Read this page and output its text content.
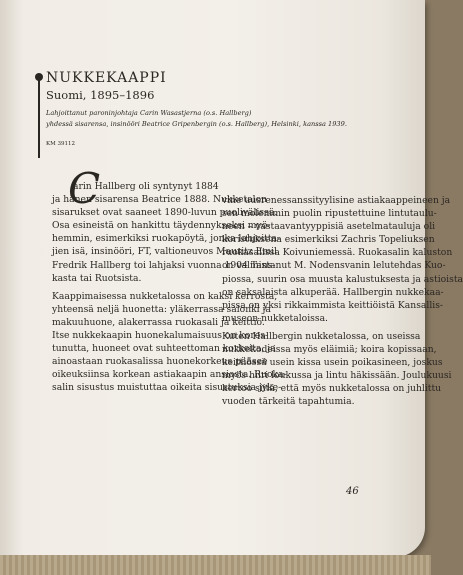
NUKKEKAAPPI
Suomi, 1895–1896
Lahjoittanut paroninjohtaja Carin Wasastjerna (o.s. Hallberg)
yhdessä sisarensa, insinööri Beatrice Gripenbergin (o.s. Hallberg), Helsinki, kanssa 1939.
KM 39112
C
arin Hallberg oli syntynyt 1884
ja hänen sisarensa Beatrice 1888. Nukketalon
sisarukset ovat saaneet 1890-luvun puolivälissä.
Osa esineistä on hankittu täydennykseksi myö-
hemmin, esimerkiksi ruokapöytä, jonka lahjoitta-
jien isä, insinööri, FT, valtioneuvos Mauritz Emil
Fredrik Hallberg toi lahjaksi vuonna 1904 Tans-
kasta tai Ruotsista.
Kaappimaisessa nukketalossa on kaksi kerrosta,
yhteensä neljä huonetta: yläkerrassa salonki ja
makuuhuone, alakerrassa ruokasali ja keittiö.
Itse nukkekaapin huonekalumaisuus on koros-
tunutta, huoneet ovat suhteettoman korkeita, ja
ainoastaan ruokasalissa huonekorkeus pääsee
oikeuksiinsa korkean astiakaapin ansiosta. Ruoka-
salin sisustus muistuttaa oikeita sisustuksia jyke-
vine uusrenessanssityylisine astiakaappeineen ja
sen molemmin puolin ripustettuine lintutaulu-
neen – vastaavantyyppisiä asetelmatauluja oli
koristuksena esimerkiksi Zachris Topeliuksen
ruokasalissa Koivuniemessä. Ruokasalin kaluston
on valmistanut M. Nodensvanin lelutehdas Kuo-
piossa, suurin osa muusta kalustuksesta ja astioista
on saksalaista alkuperää. Hallbergin nukkekaa-
pissa on yksi rikkaimmista keittiöistä Kansallis-
museon nukketaloissa.
Kuten Hallbergin nukketalossa, on useissa
nukkekodeissa myös eläimiä; koira kopissaan,
keittiössä usein kissa usein poikasineen, joskus
myös hiiri loukussa ja lintu häkissään. Joulukuusi
kertoo siitä, että myös nukketalossa on juhlittu
vuoden tärkeitä tapahtumia.
46
